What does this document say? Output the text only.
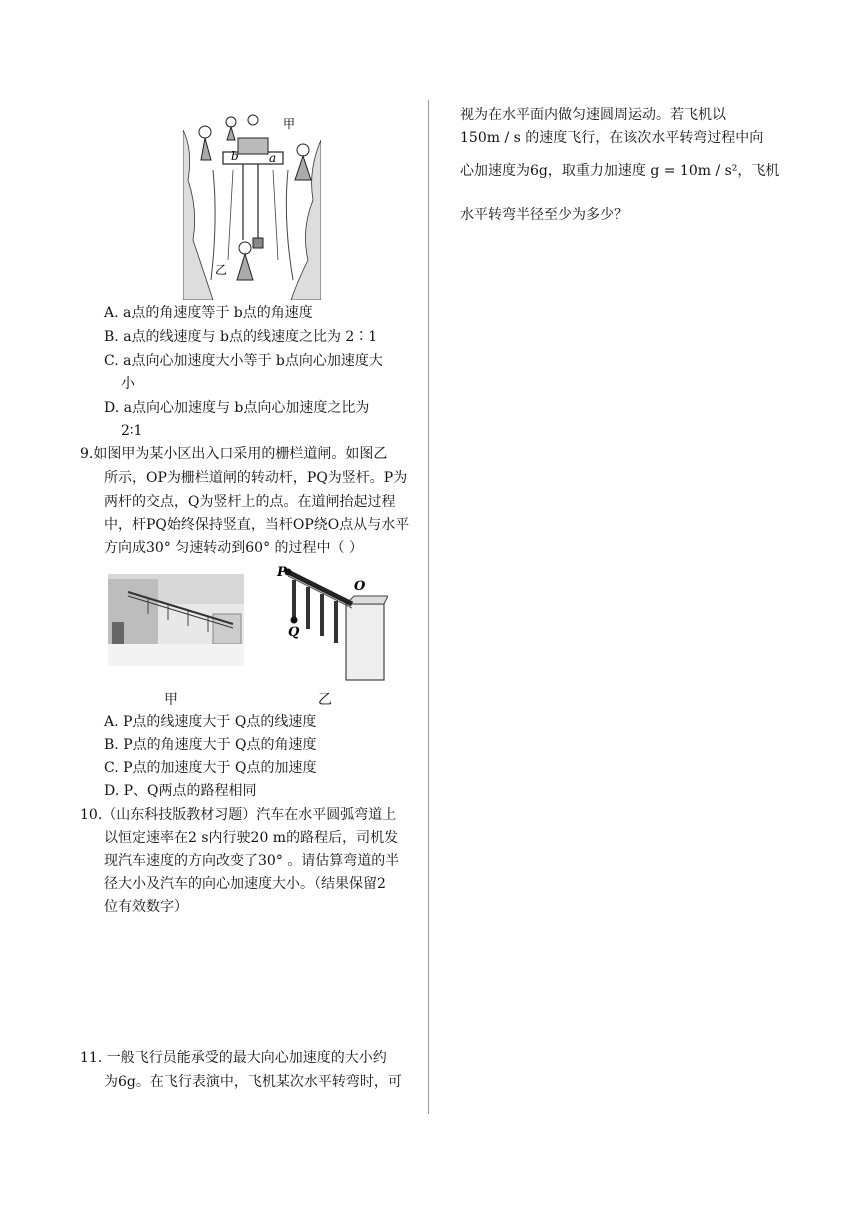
甲
b	a
乙
A. a点的角速度等于 b点的角速度
B. a点的线速度与 b点的线速度之比为 2∶1
C. a点向心加速度大小等于 b点向心加速度大
小
D. a点向心加速度与 b点向心加速度之比为
2∶1
9.如图甲为某小区出入口采用的栅栏道闸。如图乙
所示，OP为栅栏道闸的转动杆，PQ为竖杆。P为
两杆的交点，Q为竖杆上的点。在道闸抬起过程
中，杆PQ始终保持竖直，当杆OP绕O点从与水平
方向成30° 匀速转动到60° 的过程中（ ）
P
Q
O
甲	乙
A. P点的线速度大于 Q点的线速度
B. P点的角速度大于 Q点的角速度
C. P点的加速度大于 Q点的加速度
D. P、Q两点的路程相同
10.（山东科技版教材习题）汽车在水平圆弧弯道上
以恒定速率在2 s内行驶20 m的路程后，司机发
现汽车速度的方向改变了30° 。请估算弯道的半
径大小及汽车的向心加速度大小。（结果保留2
位有效数字）
11. 一般飞行员能承受的最大向心加速度的大小约
为6g。在飞行表演中，飞机某次水平转弯时，可
视为在水平面内做匀速圆周运动。若飞机以
150m / s 的速度飞行，在该次水平转弯过程中向
心加速度为6g，取重力加速度 g = 10m / s²，飞机
水平转弯半径至少为多少？
